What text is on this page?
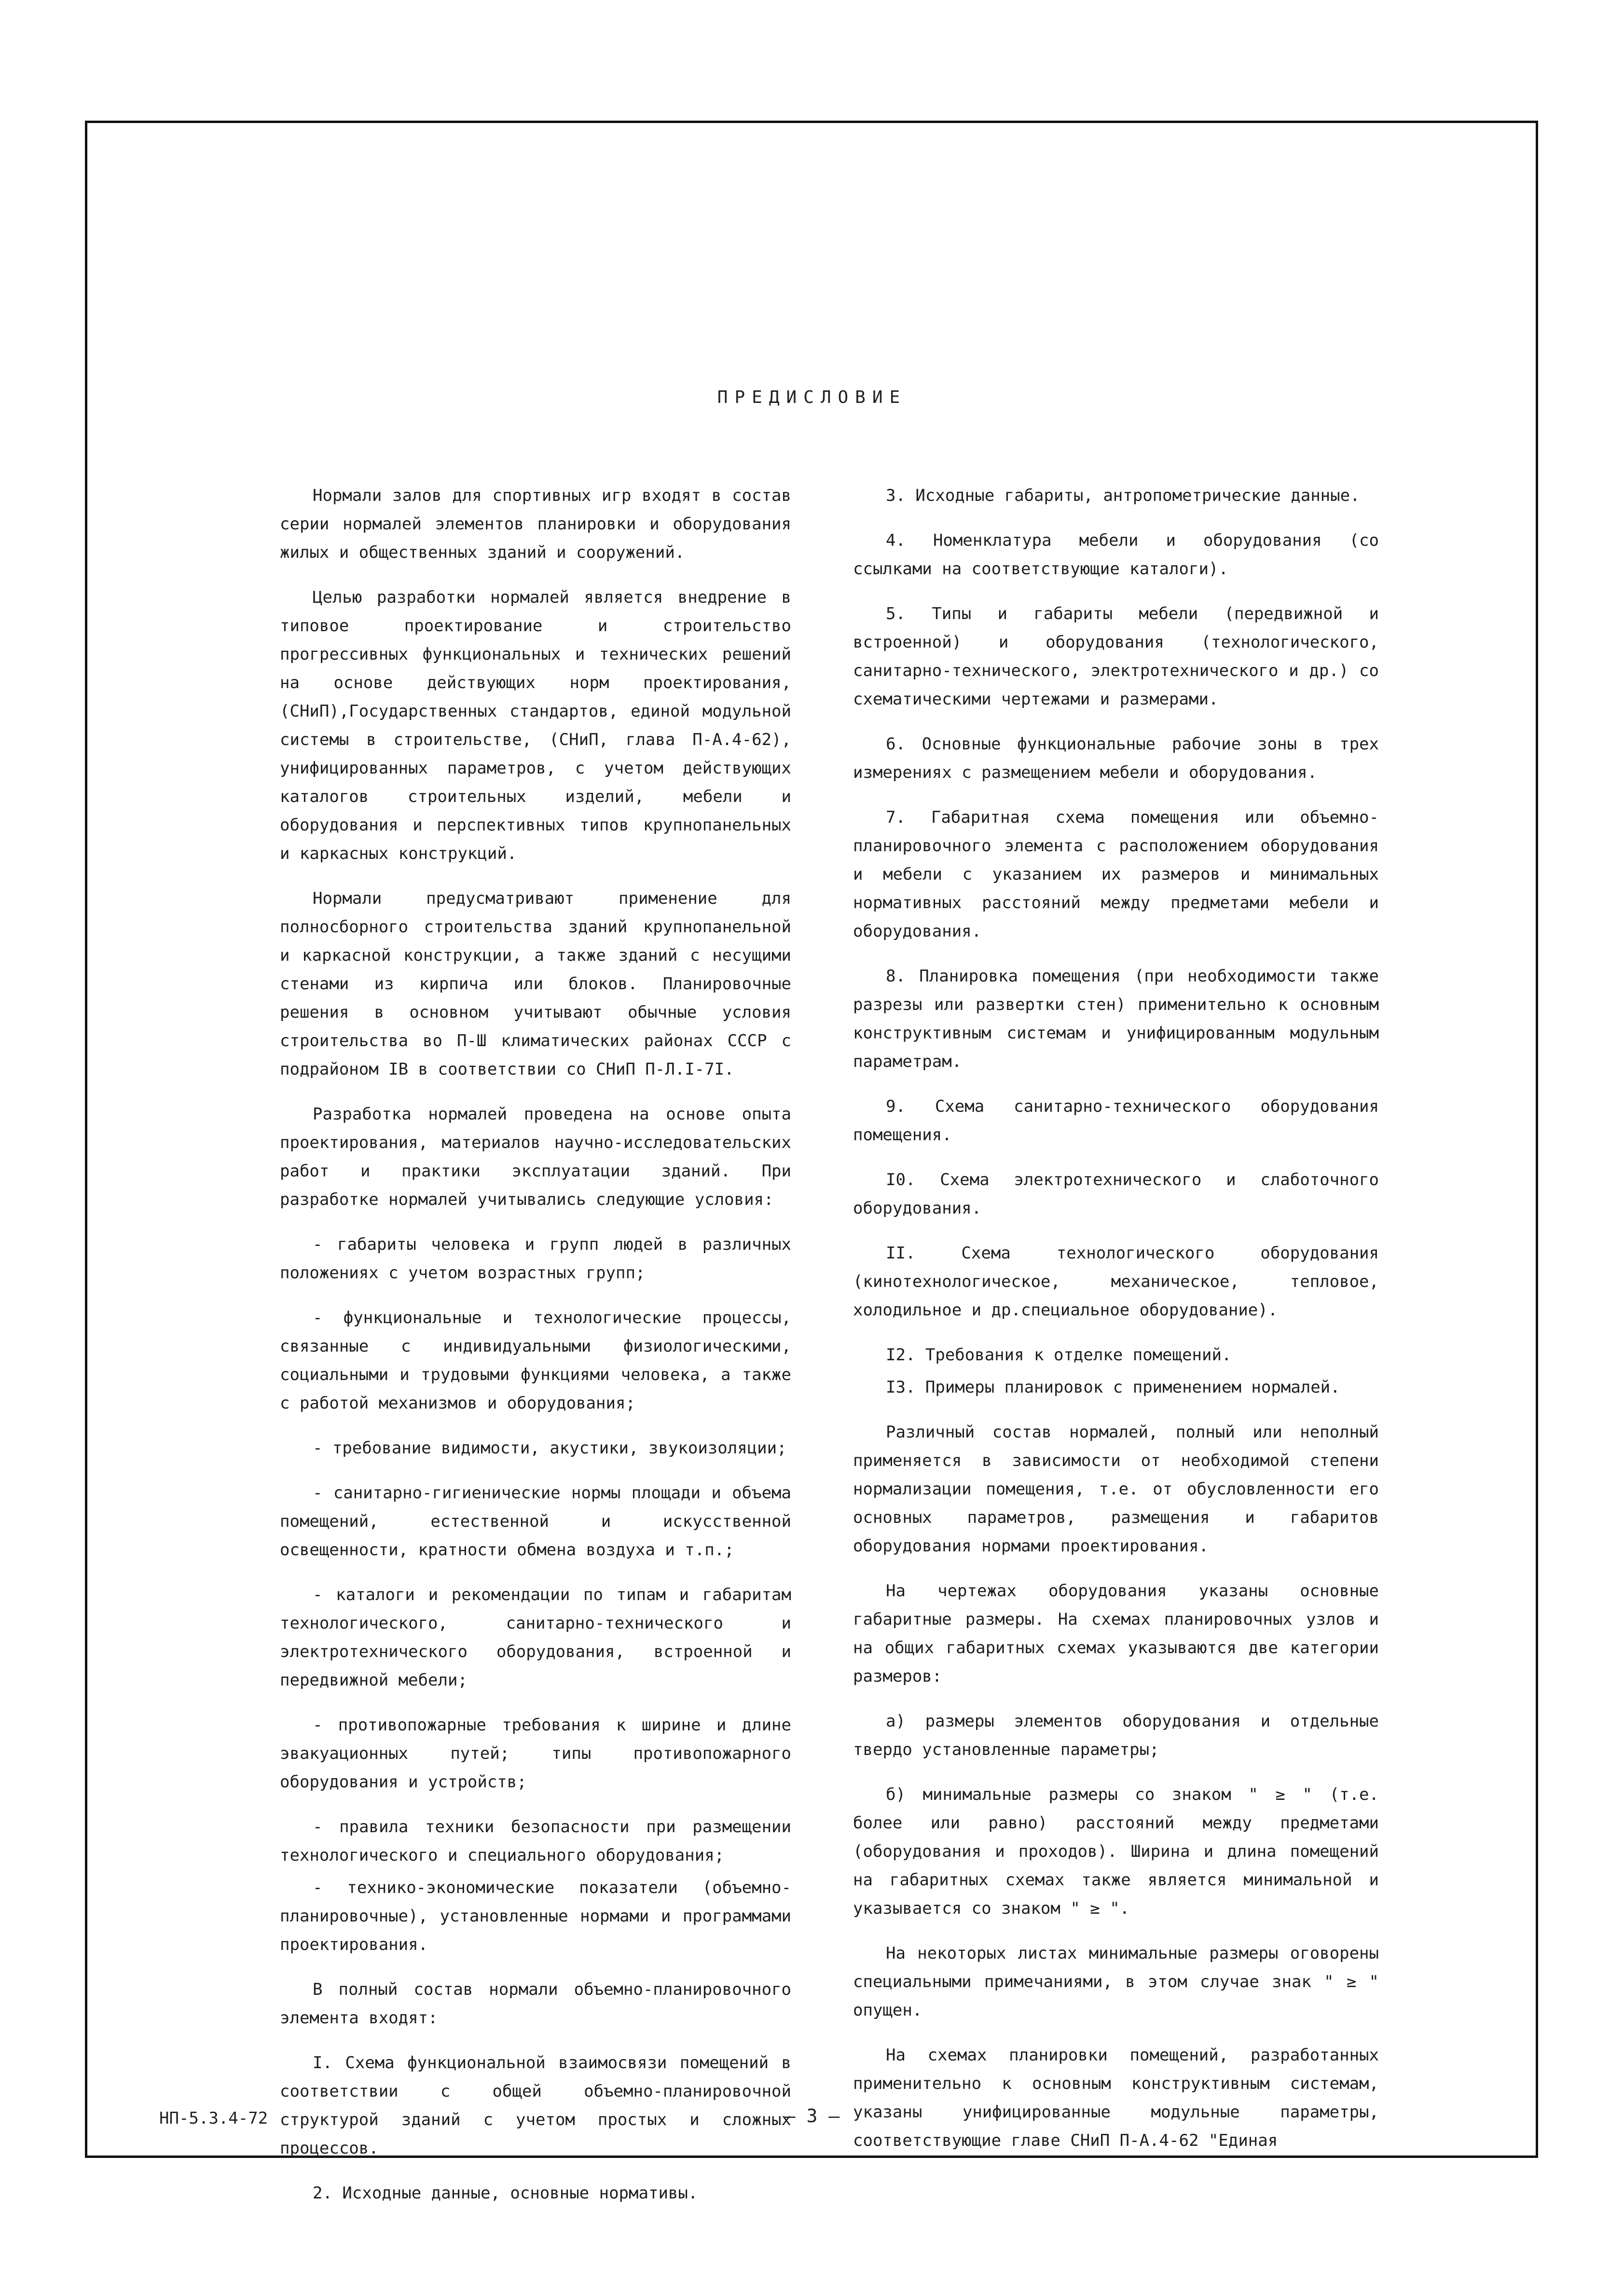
ПРЕДИСЛОВИЕ

Нормали залов для спортивных игр входят в состав серии нормалей элементов планировки и оборудования жилых и общественных зданий и сооружений.

Целью разработки нормалей является внедрение в типовое проектирование и строительство прогрессивных функциональных и технических решений на основе действующих норм проектирования, (СНиП),Государственных стандартов, единой модульной системы в строительстве, (СНиП, глава П-А.4-62), унифицированных параметров, с учетом действующих каталогов строительных изделий, мебели и оборудования и перспективных типов крупнопанельных и каркасных конструкций.

Нормали предусматривают применение для полносборного строительства зданий крупнопанельной и каркасной конструкции, а также зданий с несущими стенами из кирпича или блоков. Планировочные решения в основном учитывают обычные условия строительства во П-Ш климатических районах СССР с подрайоном IВ в соответствии со СНиП П-Л.I-7I.

Разработка нормалей проведена на основе опыта проектирования, материалов научно-исследовательских работ и практики эксплуатации зданий. При разработке нормалей учитывались следующие условия:

- габариты человека и групп людей в различных положениях с учетом возрастных групп;

- функциональные и технологические процессы, связанные с индивидуальными физиологическими, социальными и трудовыми функциями человека, а также с работой механизмов и оборудования;

- требование видимости, акустики, звукоизоляции;

- санитарно-гигиенические нормы площади и объема помещений, естественной и искусственной освещенности, кратности обмена воздуха и т.п.;

- каталоги и рекомендации по типам и габаритам технологического, санитарно-технического и электротехнического оборудования, встроенной и передвижной мебели;

- противопожарные требования к ширине и длине эвакуационных путей; типы противопожарного оборудования и устройств;

- правила техники безопасности при размещении технологического и специального оборудования;

- технико-экономические показатели (объемно-планировочные), установленные нормами и программами проектирования.

В полный состав нормали объемно-планировочного элемента входят:

I. Схема функциональной взаимосвязи помещений в соответствии с общей объемно-планировочной структурой зданий с учетом простых и сложных процессов.

2. Исходные данные, основные нормативы.

3. Исходные габариты, антропометрические данные.

4. Номенклатура мебели и оборудования (со ссылками на соответствующие каталоги).

5. Типы и габариты мебели (передвижной и встроенной) и оборудования (технологического, санитарно-технического, электротехнического и др.) со схематическими чертежами и размерами.

6. Основные функциональные рабочие зоны в трех измерениях с размещением мебели и оборудования.

7. Габаритная схема помещения или объемно-планировочного элемента с расположением оборудования и мебели с указанием их размеров и минимальных нормативных расстояний между предметами мебели и оборудования.

8. Планировка помещения (при необходимости также разрезы или развертки стен) применительно к основным конструктивным системам и унифицированным модульным параметрам.

9. Схема санитарно-технического оборудования помещения.

I0. Схема электротехнического и слаботочного оборудования.

II. Схема технологического оборудования (кинотехнологическое, механическое, тепловое, холодильное и др.специальное оборудование).

I2. Требования к отделке помещений.

I3. Примеры планировок с применением нормалей.

Различный состав нормалей, полный или неполный применяется в зависимости от необходимой степени нормализации помещения, т.е. от обусловленности его основных параметров, размещения и габаритов оборудования нормами проектирования.

На чертежах оборудования указаны основные габаритные размеры. На схемах планировочных узлов и на общих габаритных схемах указываются две категории размеров:

а) размеры элементов оборудования и отдельные твердо установленные параметры;

б) минимальные размеры со знаком " ≥ " (т.е. более или равно) расстояний между предметами (оборудования и проходов). Ширина и длина помещений на габаритных схемах также является минимальной и указывается со знаком " ≥ ".

На некоторых листах минимальные размеры оговорены специальными примечаниями, в этом случае знак " ≥ " опущен.

На схемах планировки помещений, разработанных применительно к основным конструктивным системам, указаны унифицированные модульные параметры, соответствующие главе СНиП П-А.4-62 "Единая

НП-5.3.4-72	— 3 —
